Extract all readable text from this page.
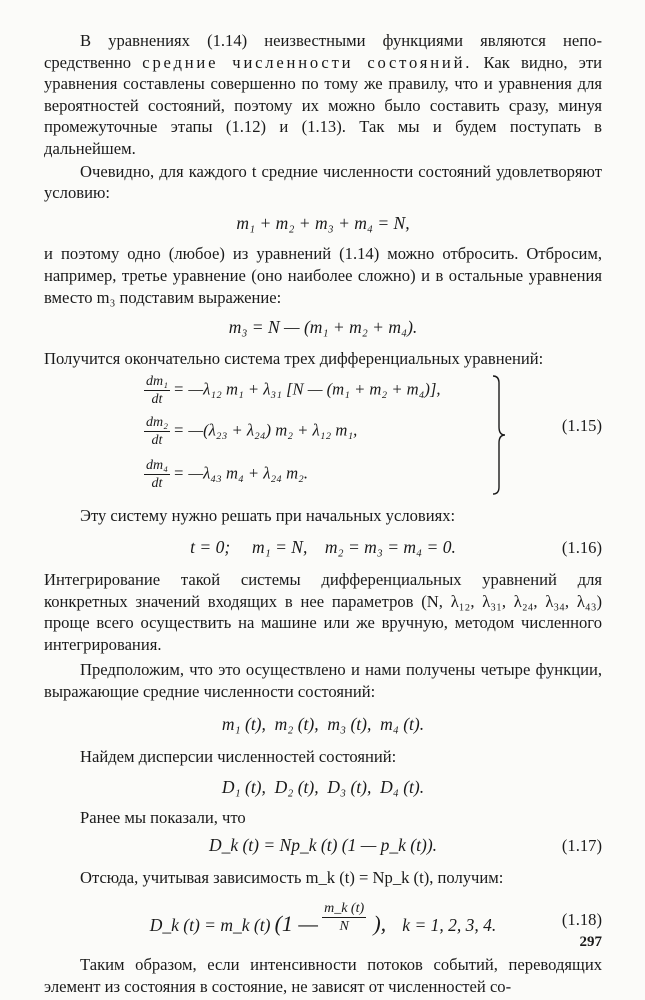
В уравнениях (1.14) неизвестными функциями являются непо- средственно средние численности состояний. Как видно, эти уравнения составлены совершенно по тому же правилу, что и уравнения для вероятностей состояний, поэтому их можно было составить сразу, минуя промежуточные этапы (1.12) и (1.13). Так мы и будем поступать в дальнейшем.

Очевидно, для каждого t средние численности состояний удовлетворяют условию:

m₁ + m₂ + m₃ + m₄ = N,

и поэтому одно (любое) из уравнений (1.14) можно отбросить. Отбросим, например, третье уравнение (оно наиболее сложно) и в остальные уравнения вместо m₃ подставим выражение:

m₃ = N — (m₁ + m₂ + m₄).

Получится окончательно система трех дифференциальных уравнений:

$\frac{\text{dm₁}}{dt}$ = —λ₁₂ m₁ + λ₃₁ [N — (m₁ + m₂ + m₄)],
$\frac{\text{dm₂}}{dt}$ = —(λ₂₃ + λ₂₄) m₂ + λ₁₂ m₁,
$\frac{\text{dm₄}}{dt}$ = —λ₄₃ m₄ + λ₂₄ m₂.
(1.15)

Эту систему нужно решать при начальных условиях:

t = 0;     m₁ = N,    m₂ = m₃ = m₄ = 0.	(1.16)

Интегрирование такой системы дифференциальных уравнений для конкретных значений входящих в нее параметров (N, λ₁₂, λ₃₁, λ₂₄, λ₃₄, λ₄₃) проще всего осуществить на машине или же вручную, методом численного интегрирования.

Предположим, что это осуществлено и нами получены четыре функции, выражающие средние численности состояний:

m₁ (t),  m₂ (t),  m₃ (t),  m₄ (t).

Найдем дисперсии численностей состояний:

D₁ (t),  D₂ (t),  D₃ (t),  D₄ (t).

Ранее мы показали, что

D_k (t) = Np_k (t) (1 — p_k (t)).	(1.17)

Отсюда, учитывая зависимость m_k (t) = Np_k (t), получим:

D_k (t) = m_k (t) (1 — $\frac{m\_k (t)}{N}$ ), k = 1, 2, 3, 4.	(1.18)

Таким образом, если интенсивности потоков событий, переводящих элемент из состояния в состояние, не зависят от численностей со-

297
